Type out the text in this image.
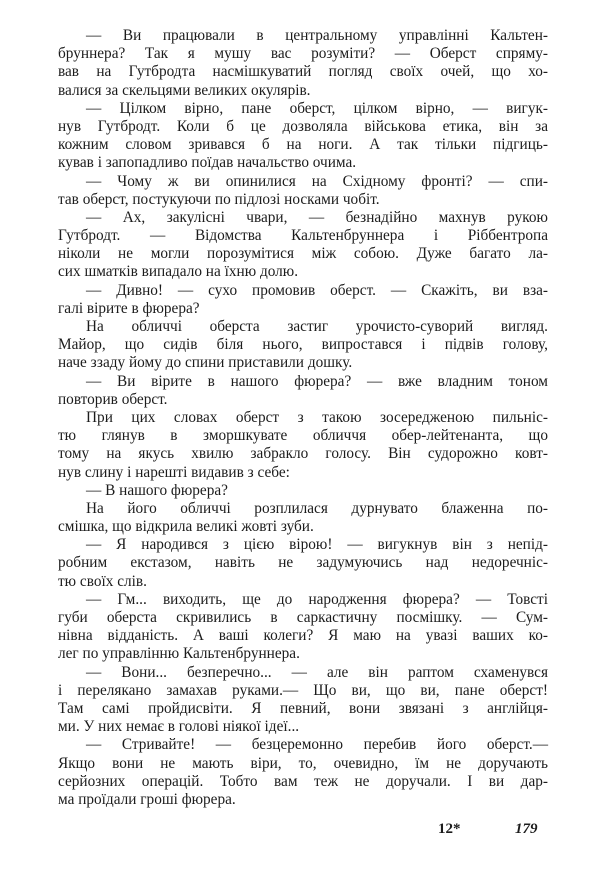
— Ви працювали в центральному управлінні Кальтен-
бруннера? Так я мушу вас розуміти? — Оберст спряму-
вав на Гутбродта насмішкуватий погляд своїх очей, що хо-
валися за скельцями великих окулярів.
— Цілком вірно, пане оберст, цілком вірно, — вигук-
нув Гутбродт. Коли б це дозволяла військова етика, він за
кожним словом зривався б на ноги. А так тільки підгиць-
кував і запопадливо поїдав начальство очима.
— Чому ж ви опинилися на Східному фронті? — спи-
тав оберст, постукуючи по підлозі носками чобіт.
— Ах, закулісні чвари, — безнадійно махнув рукою
Гутбродт. — Відомства Кальтенбруннера і Ріббентропа
ніколи не могли порозумітися між собою. Дуже багато ла-
сих шматків випадало на їхню долю.
— Дивно! — сухо промовив оберст. — Скажіть, ви вза-
галі вірите в фюрера?
На обличчі оберста застиг урочисто-суворий вигляд.
Майор, що сидів біля нього, випростався і підвів голову,
наче ззаду йому до спини приставили дошку.
— Ви вірите в нашого фюрера? — вже владним тоном
повторив оберст.
При цих словах оберст з такою зосередженою пильніс-
тю глянув в зморшкувате обличчя обер-лейтенанта, що
тому на якусь хвилю забракло голосу. Він судорожно ковт-
нув слину і нарешті видавив з себе:
— В нашого фюрера?
На його обличчі розплилася дурнувато блаженна по-
смішка, що відкрила великі жовті зуби.
— Я народився з цією вірою! — вигукнув він з непід-
робним екстазом, навіть не задумуючись над недоречніс-
тю своїх слів.
— Гм... виходить, ще до народження фюрера? — Товсті
губи оберста скривились в саркастичну посмішку. — Сум-
нівна відданість. А ваші колеги? Я маю на увазі ваших ко-
лег по управлінню Кальтенбруннера.
— Вони... безперечно... — але він раптом схаменувся
і перелякано замахав руками.— Що ви, що ви, пане оберст!
Там самі пройдисвіти. Я певний, вони звязані з англійця-
ми. У них немає в голові ніякої ідеї...
— Стривайте! — безцеремонно перебив його оберст.—
Якщо вони не мають віри, то, очевидно, їм не доручають
серйозних операцій. Тобто вам теж не доручали. І ви дар-
ма проїдали гроші фюрера.
12*	179
